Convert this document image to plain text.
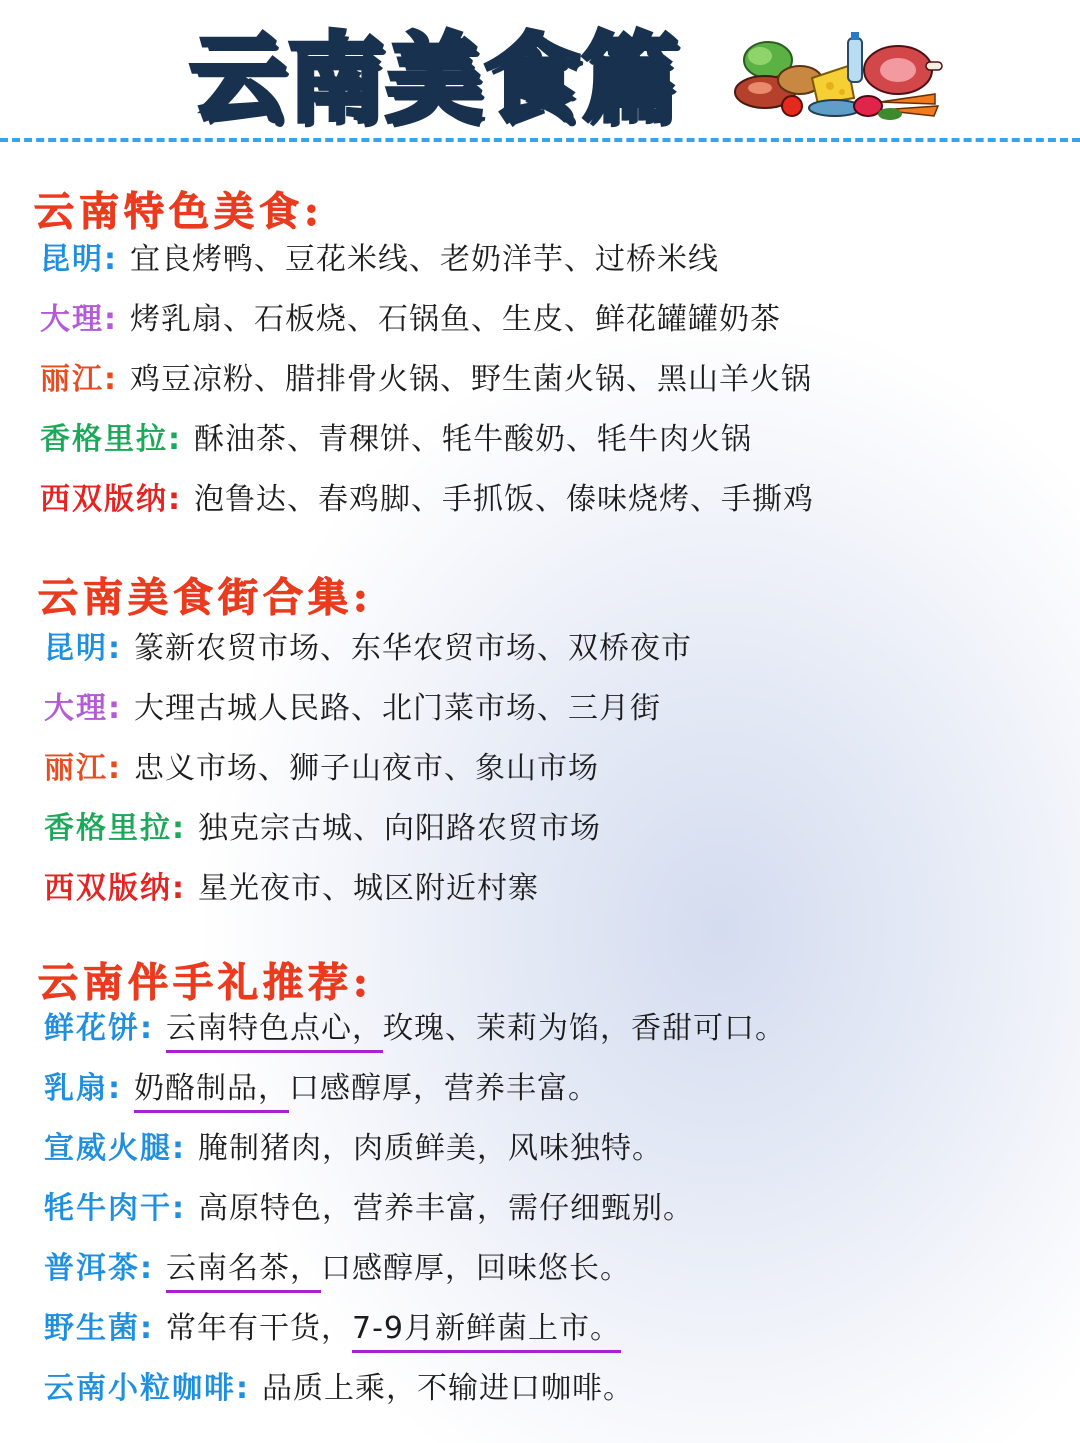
云南美食篇
云南特色美食:
昆明: 宜良烤鸭、豆花米线、老奶洋芋、过桥米线
大理: 烤乳扇、石板烧、石锅鱼、生皮、鲜花罐罐奶茶
丽江: 鸡豆凉粉、腊排骨火锅、野生菌火锅、黑山羊火锅
香格里拉: 酥油茶、青稞饼、牦牛酸奶、牦牛肉火锅
西双版纳: 泡鲁达、春鸡脚、手抓饭、傣味烧烤、手撕鸡
云南美食街合集:
昆明: 篆新农贸市场、东华农贸市场、双桥夜市
大理: 大理古城人民路、北门菜市场、三月街
丽江: 忠义市场、狮子山夜市、象山市场
香格里拉: 独克宗古城、向阳路农贸市场
西双版纳: 星光夜市、城区附近村寨
云南伴手礼推荐:
鲜花饼: 云南特色点心，玫瑰、茉莉为馅，香甜可口。
乳扇: 奶酪制品，口感醇厚，营养丰富。
宣威火腿: 腌制猪肉，肉质鲜美，风味独特。
牦牛肉干: 高原特色，营养丰富，需仔细甄别。
普洱茶: 云南名茶，口感醇厚，回味悠长。
野生菌: 常年有干货，7-9月新鲜菌上市。
云南小粒咖啡: 品质上乘，不输进口咖啡。
